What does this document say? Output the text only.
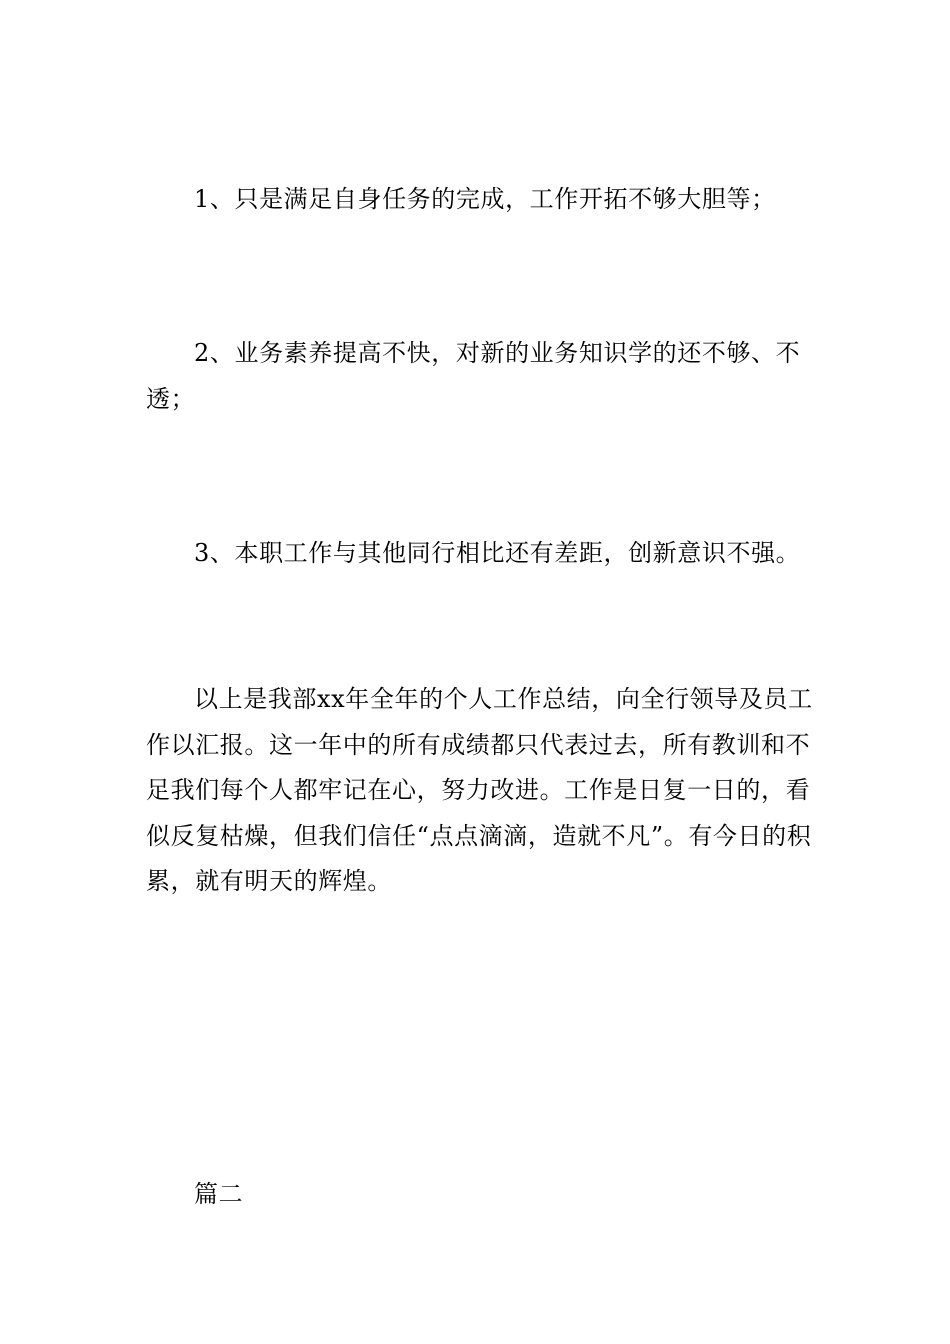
1、只是满足自身任务的完成，工作开拓不够大胆等；

2、业务素养提高不快，对新的业务知识学的还不够、不透；

3、本职工作与其他同行相比还有差距，创新意识不强。

以上是我部xx年全年的个人工作总结，向全行领导及员工作以汇报。这一年中的所有成绩都只代表过去，所有教训和不足我们每个人都牢记在心，努力改进。工作是日复一日的，看似反复枯燥，但我们信任“点点滴滴，造就不凡”。有今日的积累，就有明天的辉煌。

篇二
